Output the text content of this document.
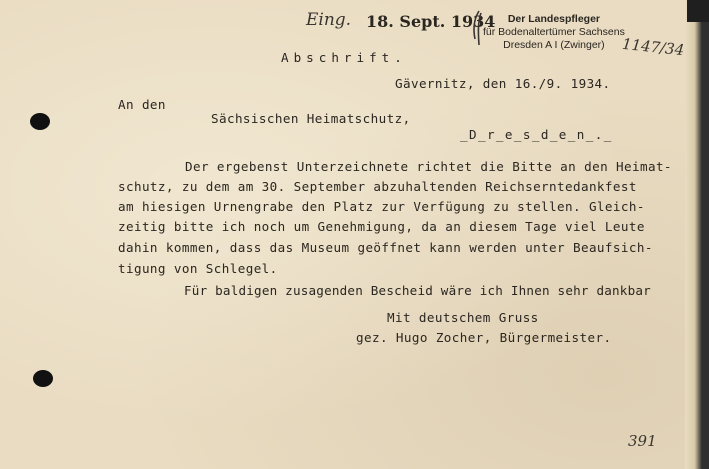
Eing. 18. Sept. 1934	Der Landespfleger
für Bodenaltertümer Sachsens
Dresden A I (Zwinger)	1147/34

Abschrift.

Gävernitz, den 16./9. 1934.

An den

Sächsischen Heimatschutz,

_D_r_e_s_d_e_n_._

Der ergebenst Unterzeichnete richtet die Bitte an den Heimat-

schutz, zu dem am 30. September abzuhaltenden Reichserntedankfest

am hiesigen Urnengrabe den Platz zur Verfügung zu stellen. Gleich-

zeitig bitte ich noch um Genehmigung, da an diesem Tage viel Leute

dahin kommen, dass das Museum geöffnet kann werden unter Beaufsich-

tigung von Schlegel.

Für baldigen zusagenden Bescheid wäre ich Ihnen sehr dankbar

Mit deutschem Gruss

gez. Hugo Zocher, Bürgermeister.

391
